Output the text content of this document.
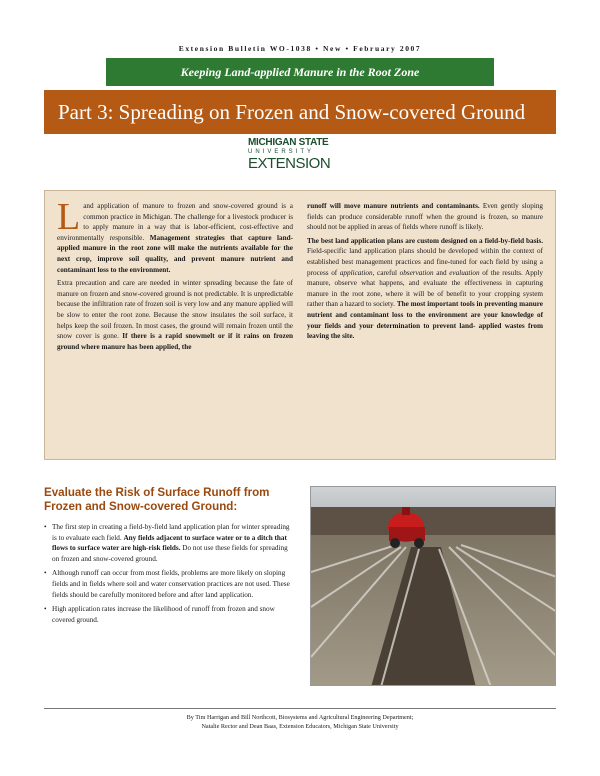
Extension Bulletin WO-1038 • New • February 2007
Keeping Land-applied Manure in the Root Zone
Part 3: Spreading on Frozen and Snow-covered Ground
MICHIGAN STATE
UNIVERSITY
EXTENSION

Land application of manure to frozen and snow-covered ground is a common practice in Michigan. The challenge for a livestock producer is to apply manure in a way that is labor-efficient, cost-effective and environmentally responsible. Management strategies that capture land-applied manure in the root zone will make the nutrients available for the next crop, improve soil quality, and prevent manure nutrient and contaminant loss to the environment.

Extra precaution and care are needed in winter spreading because the fate of manure on frozen and snow-covered ground is not predictable. It is unpredictable because the infiltration rate of frozen soil is very low and any manure applied will be slow to enter the root zone. Because the snow insulates the soil surface, it helps keep the soil frozen. In most cases, the ground will remain frozen until the snow cover is gone. If there is a rapid snowmelt or if it rains on frozen ground where manure has been applied, the

runoff will move manure nutrients and contaminants. Even gently sloping fields can produce considerable runoff when the ground is frozen, so manure should not be applied in areas of fields where runoff is likely.

The best land application plans are custom designed on a field-by-field basis. Field-specific land application plans should be developed within the context of established best management practices and fine-tuned for each field by using a process of application, careful observation and evaluation of the results. Apply manure, observe what happens, and evaluate the effectiveness in capturing manure in the root zone, where it will be of benefit to your cropping system rather than a hazard to society. The most important tools in preventing manure nutrient and contaminant loss to the environment are your knowledge of your fields and your determination to prevent land- applied wastes from leaving the site.

Evaluate the Risk of Surface Runoff from Frozen and Snow-covered Ground:
• The first step in creating a field-by-field land application plan for winter spreading is to evaluate each field. Any fields adjacent to surface water or to a ditch that flows to surface water are high-risk fields. Do not use these fields for spreading on frozen and snow-covered ground.
• Although runoff can occur from most fields, problems are more likely on sloping fields and in fields where soil and water conservation practices are not used. These fields should be carefully monitored before and after land application.
• High application rates increase the likelihood of runoff from frozen and snow covered ground.
By Tim Harrigan and Bill Northcott, Biosystems and Agricultural Engineering Department;
Natalie Rector and Dean Baas, Extension Educators, Michigan State University
